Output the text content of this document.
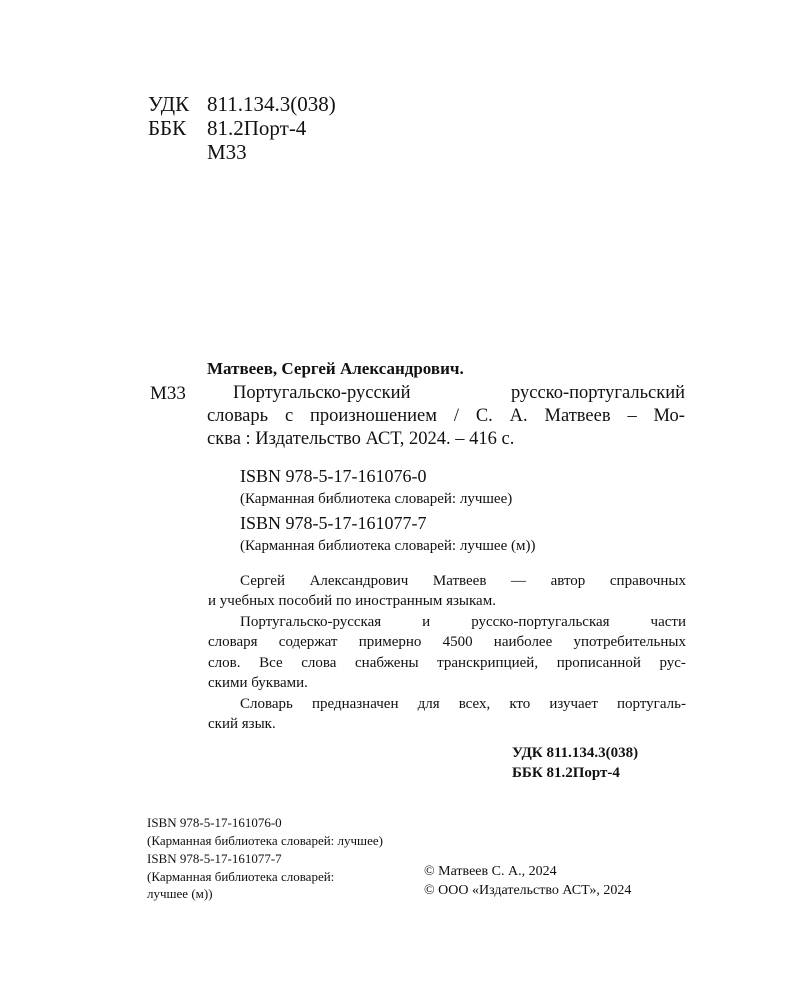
УДК 811.134.3(038)
ББК 81.2Порт-4
М33
Матвеев, Сергей Александрович.
М33	Португальско-русский	русско-португальский
словарь с произношением / С. А. Матвеев – Мо-
сква : Издательство АСТ, 2024. – 416 с.
ISBN 978-5-17-161076-0
(Карманная библиотека словарей: лучшее)
ISBN 978-5-17-161077-7
(Карманная библиотека словарей: лучшее (м))
Сергей Александрович Матвеев — автор справочных
и учебных пособий по иностранным языкам.
Португальско-русская	и	русско-португальская	части
словаря содержат примерно 4500 наиболее употребительных
слов. Все слова снабжены транскрипцией, прописанной рус-
скими буквами.
Словарь предназначен для всех, кто изучает португаль-
ский язык.
УДК 811.134.3(038)
ББК 81.2Порт-4
ISBN 978-5-17-161076-0
(Карманная библиотека словарей: лучшее)
ISBN 978-5-17-161077-7
(Карманная библиотека словарей:
лучшее (м))
© Матвеев С. А., 2024
© ООО «Издательство АСТ», 2024
